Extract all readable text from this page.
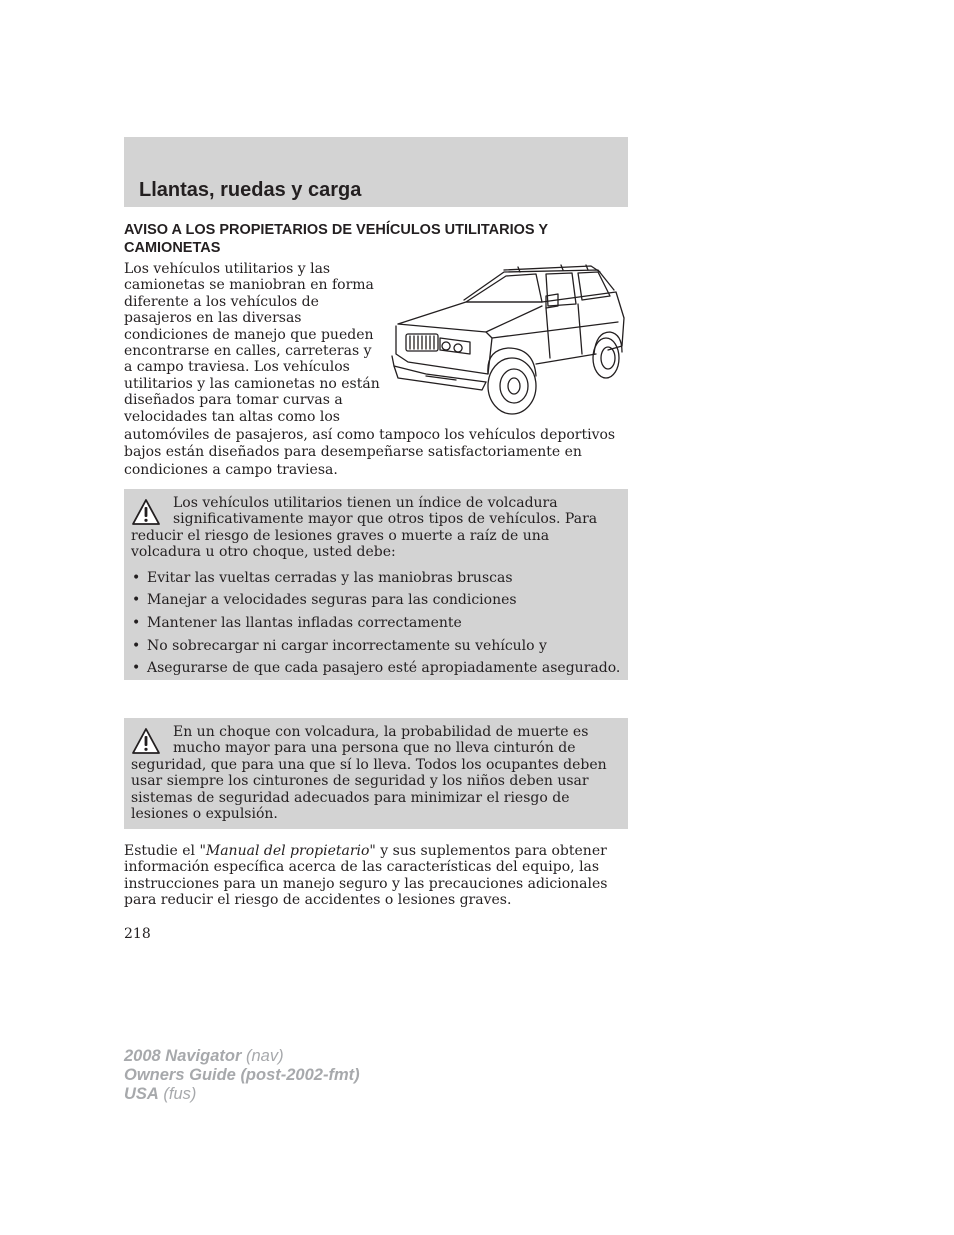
Llantas, ruedas y carga
AVISO A LOS PROPIETARIOS DE VEHÍCULOS UTILITARIOS Y CAMIONETAS
Los vehículos utilitarios y las camionetas se maniobran en forma diferente a los vehículos de pasajeros en las diversas condiciones de manejo que pueden encontrarse en calles, carreteras y a campo traviesa. Los vehículos utilitarios y las camionetas no están diseñados para tomar curvas a velocidades tan altas como los
automóviles de pasajeros, así como tampoco los vehículos deportivos bajos están diseñados para desempeñarse satisfactoriamente en condiciones a campo traviesa.

Los vehículos utilitarios tienen un índice de volcadura significativamente mayor que otros tipos de vehículos. Para reducir el riesgo de lesiones graves o muerte a raíz de una volcadura u otro choque, usted debe:

• Evitar las vueltas cerradas y las maniobras bruscas
• Manejar a velocidades seguras para las condiciones
• Mantener las llantas infladas correctamente
• No sobrecargar ni cargar incorrectamente su vehículo y
• Asegurarse de que cada pasajero esté apropiadamente asegurado.

En un choque con volcadura, la probabilidad de muerte es mucho mayor para una persona que no lleva cinturón de seguridad, que para una que sí lo lleva. Todos los ocupantes deben usar siempre los cinturones de seguridad y los niños deben usar sistemas de seguridad adecuados para minimizar el riesgo de lesiones o expulsión.

Estudie el "Manual del propietario" y sus suplementos para obtener información específica acerca de las características del equipo, las instrucciones para un manejo seguro y las precauciones adicionales para reducir el riesgo de accidentes o lesiones graves.
218
2008 Navigator (nav)
Owners Guide (post-2002-fmt)
USA (fus)
